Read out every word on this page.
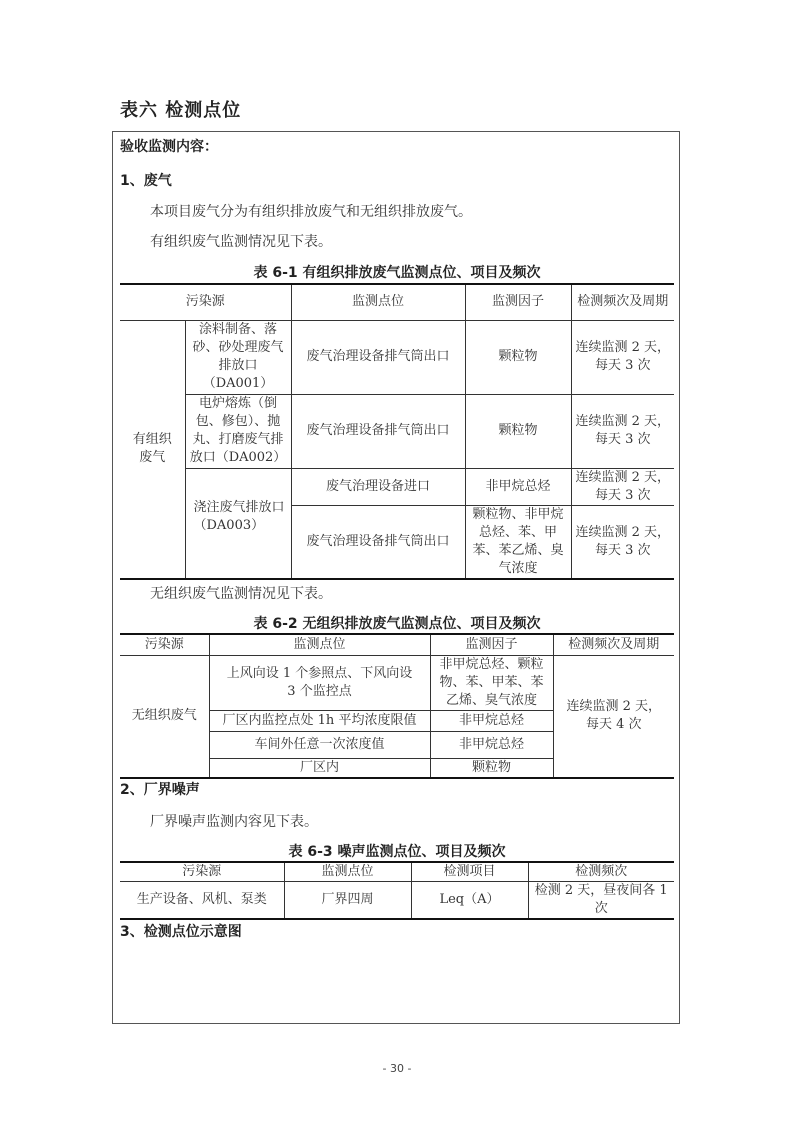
表六 检测点位
验收监测内容：
1、废气
本项目废气分为有组织排放废气和无组织排放废气。
有组织废气监测情况见下表。
表 6-1 有组织排放废气监测点位、项目及频次
污染源		监测点位	监测因子	检测频次及周期
有组织废气	涂料制备、落砂、砂处理废气排放口（DA001）	废气治理设备排气筒出口	颗粒物	连续监测 2 天，每天 3 次
	电炉熔炼（倒包、修包）、抛丸、打磨废气排放口（DA002）	废气治理设备排气筒出口	颗粒物	连续监测 2 天，每天 3 次
	浇注废气排放口（DA003）	废气治理设备进口	非甲烷总烃	连续监测 2 天，每天 3 次
		废气治理设备排气筒出口	颗粒物、非甲烷总烃、苯、甲苯、苯乙烯、臭气浓度	连续监测 2 天，每天 3 次
无组织废气监测情况见下表。
表 6-2 无组织排放废气监测点位、项目及频次
污染源	监测点位	监测因子	检测频次及周期
无组织废气	上风向设 1 个参照点、下风向设 3 个监控点	非甲烷总烃、颗粒物、苯、甲苯、苯乙烯、臭气浓度	连续监测 2 天，每天 4 次
	厂区内监控点处 1h 平均浓度限值	非甲烷总烃	
	车间外任意一次浓度值	非甲烷总烃	
	厂区内	颗粒物	
2、厂界噪声
厂界噪声监测内容见下表。
表 6-3 噪声监测点位、项目及频次
污染源	监测点位	检测项目	检测频次
生产设备、风机、泵类	厂界四周	Leq（A）	检测 2 天，昼夜间各 1 次
3、检测点位示意图
- 30 -
